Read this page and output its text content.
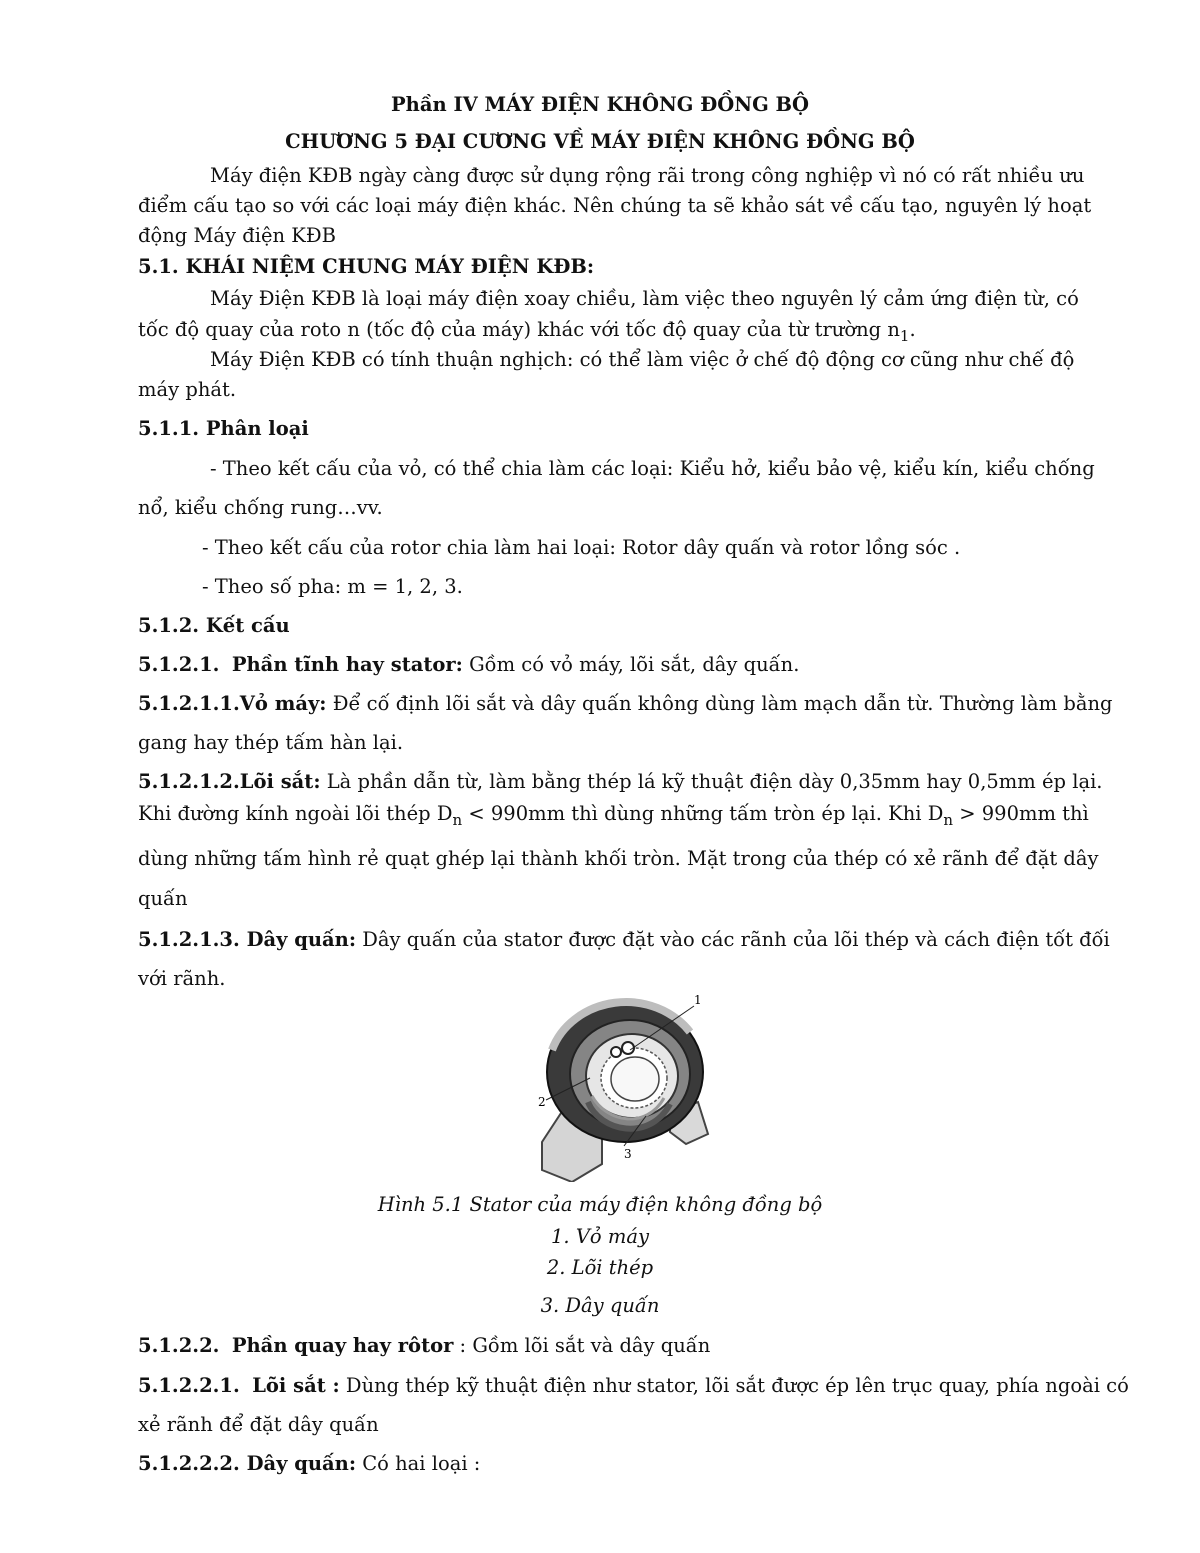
Phần IV MÁY ĐIỆN KHÔNG ĐỒNG BỘ
CHƯƠNG 5 ĐẠI CƯƠNG VỀ MÁY ĐIỆN KHÔNG ĐỒNG BỘ
Máy điện KĐB ngày càng được sử dụng rộng rãi trong công nghiệp vì nó có rất nhiều ưu
điểm cấu tạo so với các loại máy điện khác. Nên chúng ta sẽ khảo sát về cấu tạo, nguyên lý hoạt
động Máy điện KĐB
5.1. KHÁI NIỆM CHUNG MÁY ĐIỆN KĐB:
Máy Điện KĐB là loại máy điện xoay chiều, làm việc theo nguyên lý cảm ứng điện từ, có
tốc độ quay của roto n (tốc độ của máy) khác với tốc độ quay của từ trường $n_1$.
Máy Điện KĐB có tính thuận nghịch: có thể làm việc ở chế độ động cơ cũng như chế độ
máy phát.
5.1.1. Phân loại
- Theo kết cấu của vỏ, có thể chia làm các loại: Kiểu hở, kiểu bảo vệ, kiểu kín, kiểu chống
nổ, kiểu chống rung…vv.
- Theo kết cấu của rotor chia làm hai loại: Rotor dây quấn và rotor lồng sóc .
- Theo số pha: m = 1, 2, 3.
5.1.2. Kết cấu
5.1.2.1. Phần tĩnh hay stator: Gồm có vỏ máy, lõi sắt, dây quấn.
5.1.2.1.1.Vỏ máy: Để cố định lõi sắt và dây quấn không dùng làm mạch dẫn từ. Thường làm bằng
gang hay thép tấm hàn lại.
5.1.2.1.2.Lõi sắt: Là phần dẫn từ, làm bằng thép lá kỹ thuật điện dày 0,35mm hay 0,5mm ép lại.
Khi đường kính ngoài lõi thép $D_n < 990mm$ thì dùng những tấm tròn ép lại. Khi $D_n > 990mm$ thì
dùng những tấm hình rẻ quạt ghép lại thành khối tròn. Mặt trong của thép có xẻ rãnh để đặt dây
quấn
5.1.2.1.3. Dây quấn: Dây quấn của stator được đặt vào các rãnh của lõi thép và cách điện tốt đối
với rãnh.
1
2
3
Hình 5.1 Stator của máy điện không đồng bộ
1. Vỏ máy
2. Lõi thép
3. Dây quấn
5.1.2.2. Phần quay hay rôtor : Gồm lõi sắt và dây quấn
5.1.2.2.1. Lõi sắt : Dùng thép kỹ thuật điện như stator, lõi sắt được ép lên trục quay, phía ngoài có
xẻ rãnh để đặt dây quấn
5.1.2.2.2. Dây quấn: Có hai loại :
